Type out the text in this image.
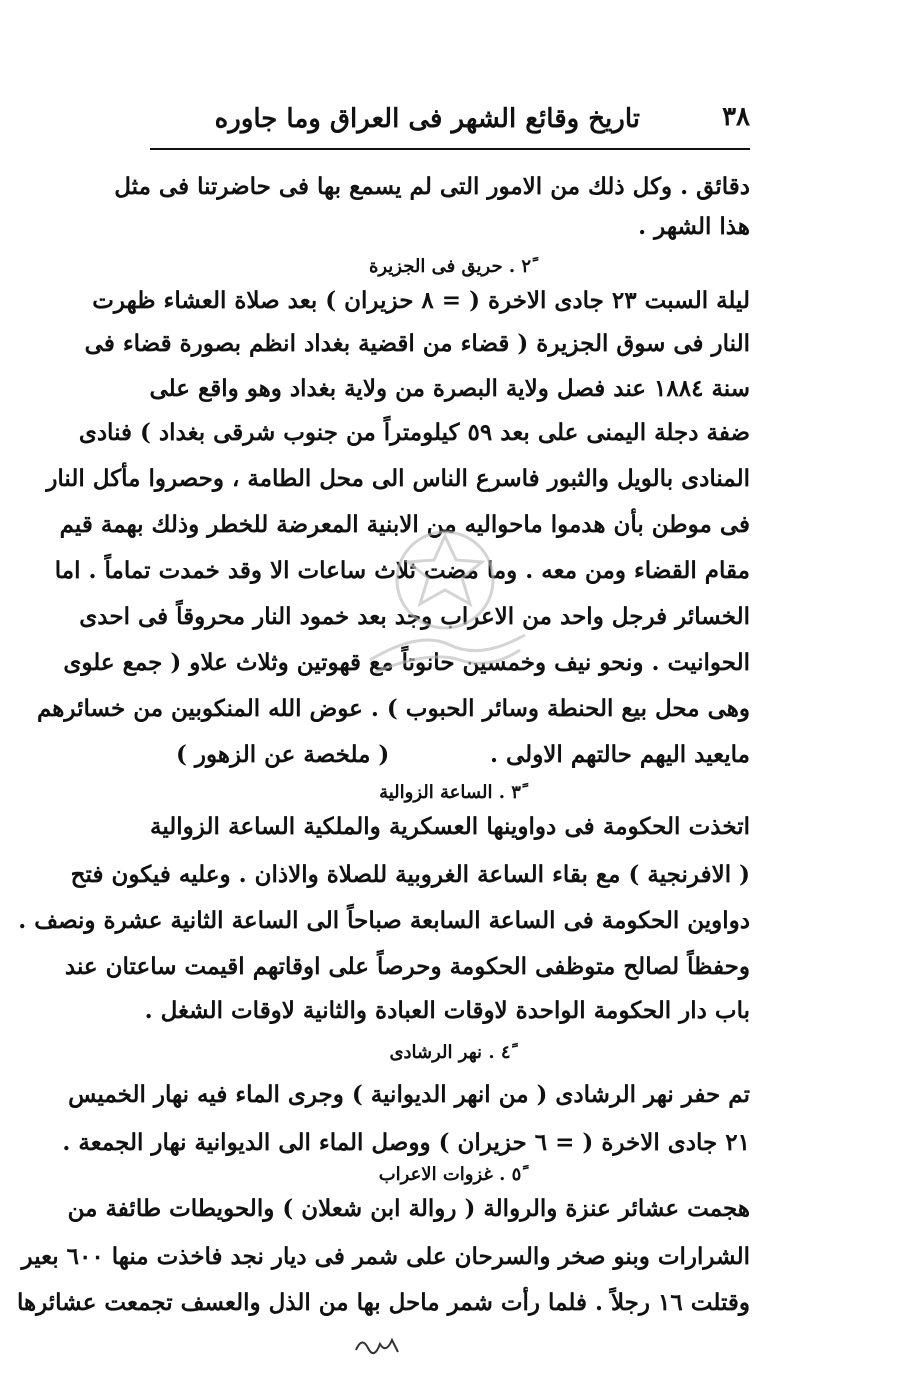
٣٨
تاريخ وقائع الشهر فى العراق وما جاوره
دقائق . وكل ذلك من الامور التى لم يسمع بها فى حاضرتنا فى مثل
هذا الشهر .
٢ً . حريق فى الجزيرة
ليلة السبت ٢٣ جادى الاخرة ( = ٨ حزيران ) بعد صلاة العشاء ظهرت
النار فى سوق الجزيرة ( قضاء من اقضية بغداد انظم بصورة قضاء فى
سنة ١٨٨٤ عند فصل ولاية البصرة من ولاية بغداد وهو واقع على
ضفة دجلة اليمنى على بعد ٥٩ كيلومتراً من جنوب شرقى بغداد ) فنادى
المنادى بالويل والثبور فاسرع الناس الى محل الطامة ، وحصروا مأكل النار
فى موطن بأن هدموا ماحواليه من الابنية المعرضة للخطر وذلك بهمة قيم
مقام القضاء ومن معه . وما مضت ثلاث ساعات الا وقد خمدت تماماً . اما
الخسائر فرجل واحد من الاعراب وجد بعد خمود النار محروقاً فى احدى
الحوانيت . ونحو نيف وخمسين حانوتاً مع قهوتين وثلاث علاو ( جمع علوى
وهى محل بيع الحنطة وسائر الحبوب ) . عوض الله المنكوبين من خسائرهم
مايعيد اليهم حالتهم الاولى .
( ملخصة عن الزهور )
٣ً . الساعة الزوالية
اتخذت الحكومة فى دواوينها العسكرية والملكية الساعة الزوالية
( الافرنجية ) مع بقاء الساعة الغروبية للصلاة والاذان . وعليه فيكون فتح
دواوين الحكومة فى الساعة السابعة صباحاً الى الساعة الثانية عشرة ونصف .
وحفظاً لصالح متوظفى الحكومة وحرصاً على اوقاتهم اقيمت ساعتان عند
باب دار الحكومة الواحدة لاوقات العبادة والثانية لاوقات الشغل .
٤ً . نهر الرشادى
تم حفر نهر الرشادى ( من انهر الديوانية ) وجرى الماء فيه نهار الخميس
٢١ جادى الاخرة ( = ٦ حزيران ) ووصل الماء الى الديوانية نهار الجمعة .
٥ً . غزوات الاعراب
هجمت عشائر عنزة والروالة ( روالة ابن شعلان ) والحويطات طائفة من
الشرارات وبنو صخر والسرحان على شمر فى ديار نجد فاخذت منها ٦٠٠ بعير
وقتلت ١٦ رجلاً . فلما رأت شمر ماحل بها من الذل والعسف تجمعت عشائرها
